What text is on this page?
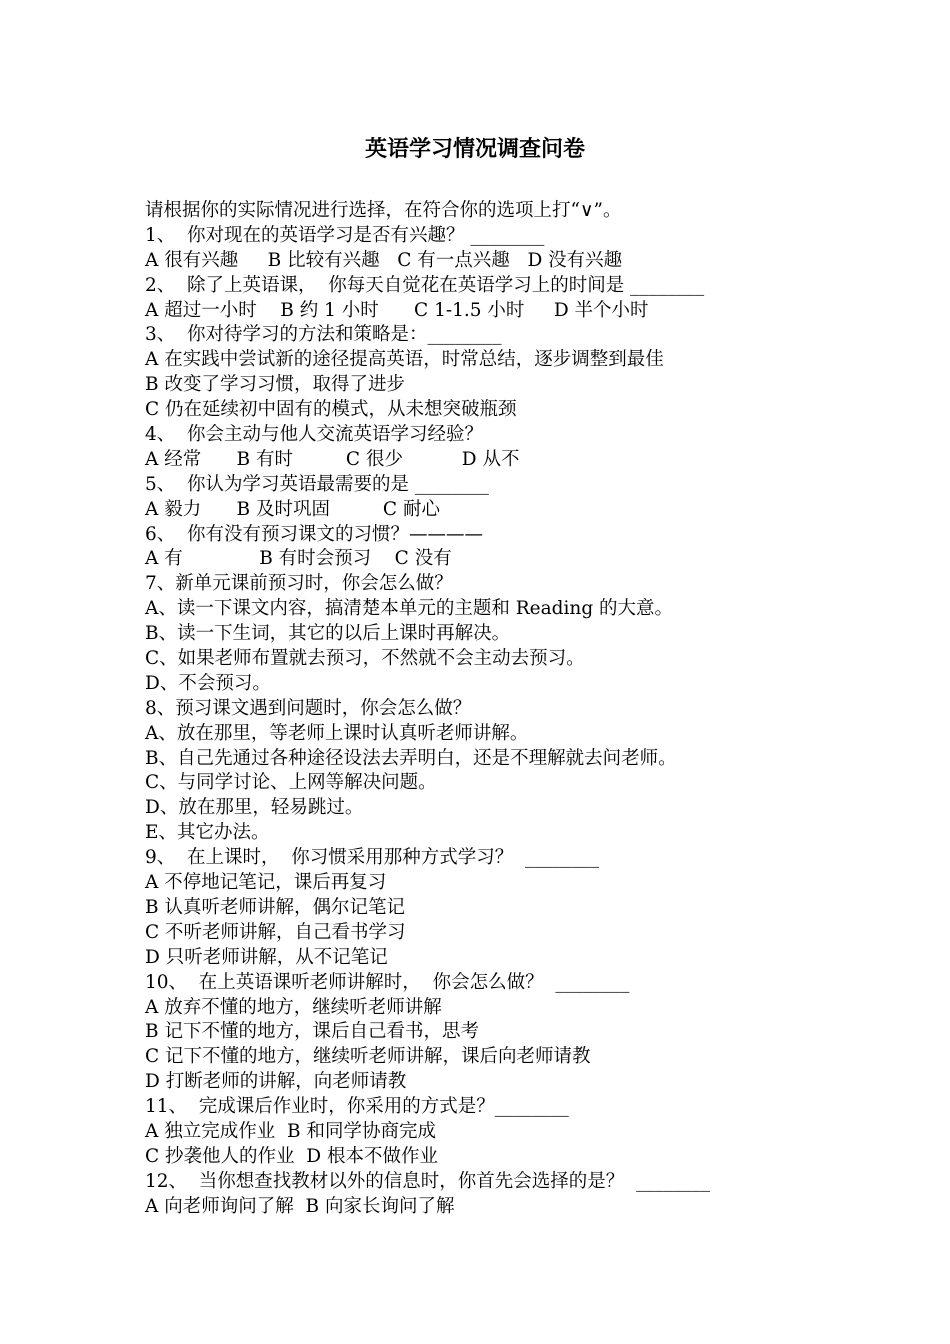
英语学习情况调查问卷
请根据你的实际情况进行选择，在符合你的选项上打“∨”。
1、  你对现在的英语学习是否有兴趣？ ________
A 很有兴趣     B 比较有兴趣   C 有一点兴趣   D 没有兴趣
2、  除了上英语课，  你每天自觉花在英语学习上的时间是 ________
A 超过一小时    B 约 1 小时      C 1-1.5 小时     D 半个小时
3、  你对待学习的方法和策略是：________
A 在实践中尝试新的途径提高英语，时常总结，逐步调整到最佳
B 改变了学习习惯，取得了进步
C 仍在延续初中固有的模式，从未想突破瓶颈
4、  你会主动与他人交流英语学习经验？
A 经常      B 有时         C 很少          D 从不
5、  你认为学习英语最需要的是 ________
A 毅力      B 及时巩固         C 耐心
6、  你有没有预习课文的习惯？————
A 有             B 有时会预习    C 没有
7、新单元课前预习时，你会怎么做？
A、读一下课文内容，搞清楚本单元的主题和 Reading 的大意。
B、读一下生词，其它的以后上课时再解决。
C、如果老师布置就去预习，不然就不会主动去预习。
D、不会预习。
8、预习课文遇到问题时，你会怎么做？
A、放在那里，等老师上课时认真听老师讲解。
B、自己先通过各种途径设法去弄明白，还是不理解就去问老师。
C、与同学讨论、上网等解决问题。
D、放在那里，轻易跳过。
E、其它办法。
9、  在上课时，  你习惯采用那种方式学习？  ________
A 不停地记笔记，课后再复习
B 认真听老师讲解，偶尔记笔记
C 不听老师讲解，自己看书学习
D 只听老师讲解，从不记笔记
10、  在上英语课听老师讲解时，  你会怎么做？  ________
A 放弃不懂的地方，继续听老师讲解
B 记下不懂的地方，课后自己看书，思考
C 记下不懂的地方，继续听老师讲解，课后向老师请教
D 打断老师的讲解，向老师请教
11、  完成课后作业时，你采用的方式是？________
A 独立完成作业  B 和同学协商完成
C 抄袭他人的作业  D 根本不做作业
12、  当你想查找教材以外的信息时，你首先会选择的是？  ________
A 向老师询问了解  B 向家长询问了解
